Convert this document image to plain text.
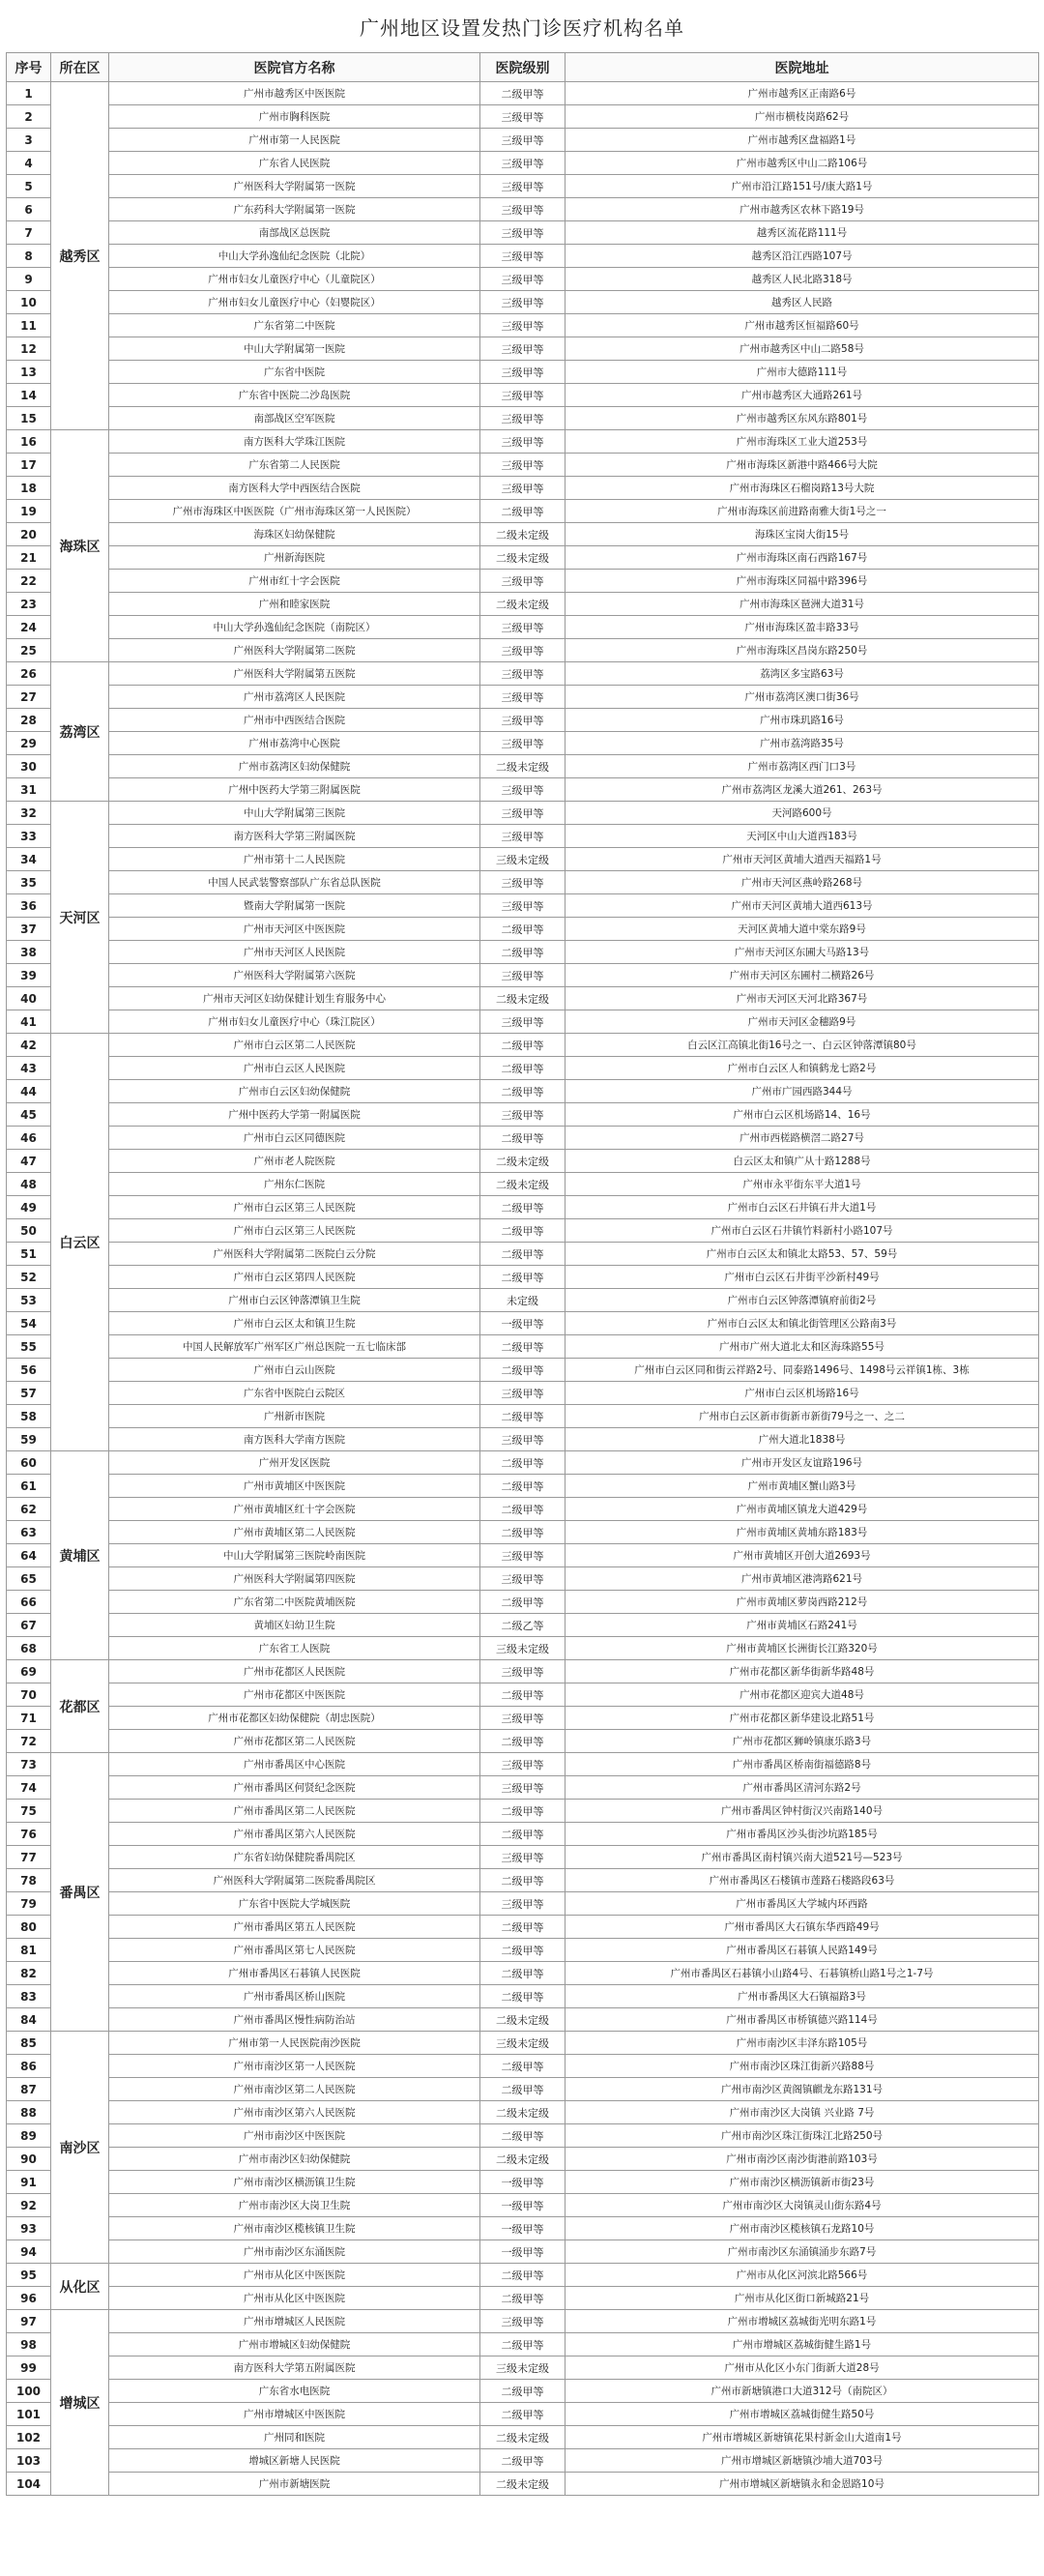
广州地区设置发热门诊医疗机构名单
序号	所在区	医院官方名称	医院级别	医院地址
1	越秀区	广州市越秀区中医医院	二级甲等	广州市越秀区正南路6号
2		广州市胸科医院	三级甲等	广州市横枝岗路62号
3		广州市第一人民医院	三级甲等	广州市越秀区盘福路1号
4		广东省人民医院	三级甲等	广州市越秀区中山二路106号
5		广州医科大学附属第一医院	三级甲等	广州市沿江路151号/康大路1号
6		广东药科大学附属第一医院	三级甲等	广州市越秀区农林下路19号
7		南部战区总医院	三级甲等	越秀区流花路111号
8		中山大学孙逸仙纪念医院（北院）	三级甲等	越秀区沿江西路107号
9		广州市妇女儿童医疗中心（儿童院区）	三级甲等	越秀区人民北路318号
10		广州市妇女儿童医疗中心（妇婴院区）	三级甲等	越秀区人民路
11		广东省第二中医院	三级甲等	广州市越秀区恒福路60号
12		中山大学附属第一医院	三级甲等	广州市越秀区中山二路58号
13		广东省中医院	三级甲等	广州市大德路111号
14		广东省中医院二沙岛医院	三级甲等	广州市越秀区大通路261号
15		南部战区空军医院	三级甲等	广州市越秀区东风东路801号
16	海珠区	南方医科大学珠江医院	三级甲等	广州市海珠区工业大道253号
17		广东省第二人民医院	三级甲等	广州市海珠区新港中路466号大院
18		南方医科大学中西医结合医院	三级甲等	广州市海珠区石榴岗路13号大院
19		广州市海珠区中医医院（广州市海珠区第一人民医院）	二级甲等	广州市海珠区前进路南雅大街1号之一
20		海珠区妇幼保健院	二级未定级	海珠区宝岗大街15号
21		广州新海医院	二级未定级	广州市海珠区南石西路167号
22		广州市红十字会医院	三级甲等	广州市海珠区同福中路396号
23		广州和睦家医院	二级未定级	广州市海珠区琶洲大道31号
24		中山大学孙逸仙纪念医院（南院区）	三级甲等	广州市海珠区盈丰路33号
25		广州医科大学附属第二医院	三级甲等	广州市海珠区昌岗东路250号
26	荔湾区	广州医科大学附属第五医院	三级甲等	荔湾区多宝路63号
27		广州市荔湾区人民医院	三级甲等	广州市荔湾区澳口街36号
28		广州市中西医结合医院	三级甲等	广州市珠玑路16号
29		广州市荔湾中心医院	三级甲等	广州市荔湾路35号
30		广州市荔湾区妇幼保健院	二级未定级	广州市荔湾区西门口3号
31		广州中医药大学第三附属医院	三级甲等	广州市荔湾区龙溪大道261、263号
32	天河区	中山大学附属第三医院	三级甲等	天河路600号
33		南方医科大学第三附属医院	三级甲等	天河区中山大道西183号
34		广州市第十二人民医院	三级未定级	广州市天河区黄埔大道西天福路1号
35		中国人民武装警察部队广东省总队医院	三级甲等	广州市天河区燕岭路268号
36		暨南大学附属第一医院	三级甲等	广州市天河区黄埔大道西613号
37		广州市天河区中医医院	二级甲等	天河区黄埔大道中棠东路9号
38		广州市天河区人民医院	二级甲等	广州市天河区东圃大马路13号
39		广州医科大学附属第六医院	三级甲等	广州市天河区东圃村二横路26号
40		广州市天河区妇幼保健计划生育服务中心	二级未定级	广州市天河区天河北路367号
41		广州市妇女儿童医疗中心（珠江院区）	三级甲等	广州市天河区金穗路9号
42	白云区	广州市白云区第二人民医院	二级甲等	白云区江高镇北街16号之一、白云区钟落潭镇80号
43		广州市白云区人民医院	二级甲等	广州市白云区人和镇鹤龙七路2号
44		广州市白云区妇幼保健院	二级甲等	广州市广园西路344号
45		广州中医药大学第一附属医院	三级甲等	广州市白云区机场路14、16号
46		广州市白云区同德医院	二级甲等	广州市西槎路横滘二路27号
47		广州市老人院医院	二级未定级	白云区太和镇广从十路1288号
48		广州东仁医院	二级未定级	广州市永平街东平大道1号
49		广州市白云区第三人民医院	二级甲等	广州市白云区石井镇石井大道1号
50		广州市白云区第三人民医院	二级甲等	广州市白云区石井镇竹料新村小路107号
51		广州医科大学附属第二医院白云分院	二级甲等	广州市白云区太和镇北太路53、57、59号
52		广州市白云区第四人民医院	二级甲等	广州市白云区石井街平沙新村49号
53		广州市白云区钟落潭镇卫生院	未定级	广州市白云区钟落潭镇府前街2号
54		广州市白云区太和镇卫生院	一级甲等	广州市白云区太和镇北街管理区公路南3号
55		中国人民解放军广州军区广州总医院一五七临床部	二级甲等	广州市广州大道北太和区海珠路55号
56		广州市白云山医院	二级甲等	广州市白云区同和街云祥路2号、同泰路1496号、1498号云祥镇1栋、3栋
57		广东省中医院白云院区	三级甲等	广州市白云区机场路16号
58		广州新市医院	二级甲等	广州市白云区新市街新市新街79号之一、之二
59		南方医科大学南方医院	三级甲等	广州大道北1838号
60	黄埔区	广州开发区医院	二级甲等	广州市开发区友谊路196号
61		广州市黄埔区中医医院	二级甲等	广州市黄埔区蟹山路3号
62		广州市黄埔区红十字会医院	二级甲等	广州市黄埔区镇龙大道429号
63		广州市黄埔区第二人民医院	二级甲等	广州市黄埔区黄埔东路183号
64		中山大学附属第三医院岭南医院	三级甲等	广州市黄埔区开创大道2693号
65		广州医科大学附属第四医院	三级甲等	广州市黄埔区港湾路621号
66		广东省第二中医院黄埔医院	二级甲等	广州市黄埔区萝岗西路212号
67		黄埔区妇幼卫生院	二级乙等	广州市黄埔区石路241号
68		广东省工人医院	三级未定级	广州市黄埔区长洲街长江路320号
69	花都区	广州市花都区人民医院	三级甲等	广州市花都区新华街新华路48号
70		广州市花都区中医医院	二级甲等	广州市花都区迎宾大道48号
71		广州市花都区妇幼保健院（胡忠医院）	三级甲等	广州市花都区新华建设北路51号
72		广州市花都区第二人民医院	二级甲等	广州市花都区狮岭镇康乐路3号
73	番禺区	广州市番禺区中心医院	三级甲等	广州市番禺区桥南街福德路8号
74		广州市番禺区何贤纪念医院	三级甲等	广州市番禺区清河东路2号
75		广州市番禺区第二人民医院	二级甲等	广州市番禺区钟村街汉兴南路140号
76		广州市番禺区第六人民医院	二级甲等	广州市番禺区沙头街沙坑路185号
77		广东省妇幼保健院番禺院区	三级甲等	广州市番禺区南村镇兴南大道521号—523号
78		广州医科大学附属第二医院番禺院区	二级甲等	广州市番禺区石楼镇市莲路石楼路段63号
79		广东省中医院大学城医院	三级甲等	广州市番禺区大学城内环西路
80		广州市番禺区第五人民医院	二级甲等	广州市番禺区大石镇东华西路49号
81		广州市番禺区第七人民医院	二级甲等	广州市番禺区石碁镇人民路149号
82		广州市番禺区石碁镇人民医院	二级甲等	广州市番禺区石碁镇小山路4号、石碁镇桥山路1号之1-7号
83		广州市番禺区桥山医院	二级甲等	广州市番禺区大石镇福路3号
84		广州市番禺区慢性病防治站	二级未定级	广州市番禺区市桥镇德兴路114号
85	南沙区	广州市第一人民医院南沙医院	三级未定级	广州市南沙区丰泽东路105号
86		广州市南沙区第一人民医院	二级甲等	广州市南沙区珠江街新兴路88号
87		广州市南沙区第二人民医院	二级甲等	广州市南沙区黄阁镇麒龙东路131号
88		广州市南沙区第六人民医院	二级未定级	广州市南沙区大岗镇 兴业路 7号
89		广州市南沙区中医医院	二级甲等	广州市南沙区珠江街珠江北路250号
90		广州市南沙区妇幼保健院	二级未定级	广州市南沙区南沙街港前路103号
91		广州市南沙区横沥镇卫生院	一级甲等	广州市南沙区横沥镇新市街23号
92		广州市南沙区大岗卫生院	一级甲等	广州市南沙区大岗镇灵山街东路4号
93		广州市南沙区榄核镇卫生院	一级甲等	广州市南沙区榄核镇石龙路10号
94		广州市南沙区东涌医院	一级甲等	广州市南沙区东涌镇涌步东路7号
95	从化区	广州市从化区中医医院	二级甲等	广州市从化区河滨北路566号
96		广州市从化区中医医院	二级甲等	广州市从化区街口新城路21号
97	增城区	广州市增城区人民医院	三级甲等	广州市增城区荔城街光明东路1号
98		广州市增城区妇幼保健院	二级甲等	广州市增城区荔城街健生路1号
99		南方医科大学第五附属医院	三级未定级	广州市从化区小东门街新大道28号
100		广东省水电医院	二级甲等	广州市新塘镇港口大道312号（南院区）
101		广州市增城区中医医院	二级甲等	广州市增城区荔城街健生路50号
102		广州同和医院	二级未定级	广州市增城区新塘镇花果村新金山大道南1号
103		增城区新塘人民医院	二级甲等	广州市增城区新塘镇沙埔大道703号
104		广州市新塘医院	二级未定级	广州市增城区新塘镇永和金恩路10号
